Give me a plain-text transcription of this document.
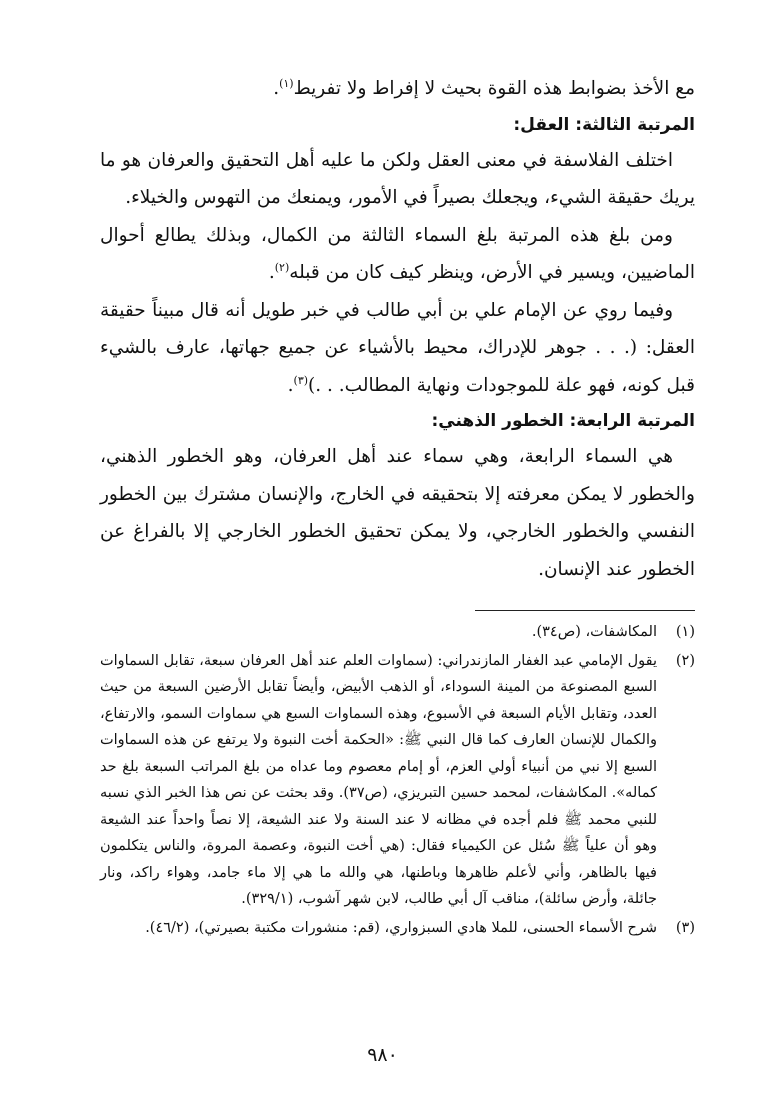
مع الأخذ بضوابط هذه القوة بحيث لا إفراط ولا تفريط$^{(١)}$.

المرتبة الثالثة: العقل:

اختلف الفلاسفة في معنى العقل ولكن ما عليه أهل التحقيق والعرفان هو ما يريك حقيقة الشيء، ويجعلك بصيراً في الأمور، ويمنعك من التهوس والخيلاء.

ومن بلغ هذه المرتبة بلغ السماء الثالثة من الكمال، وبذلك يطالع أحوال الماضيين، ويسير في الأرض، وينظر كيف كان من قبله$^{(٢)}$.

وفيما روي عن الإمام علي بن أبي طالب في خبر طويل أنه قال مبيناً حقيقة العقل: (. . . جوهر للإدراك، محيط بالأشياء عن جميع جهاتها، عارف بالشيء قبل كونه، فهو علة للموجودات ونهاية المطالب. . .)$^{(٣)}$.

المرتبة الرابعة: الخطور الذهني:

هي السماء الرابعة، وهي سماء عند أهل العرفان، وهو الخطور الذهني، والخطور لا يمكن معرفته إلا بتحقيقه في الخارج، والإنسان مشترك بين الخطور النفسي والخطور الخارجي، ولا يمكن تحقيق الخطور الخارجي إلا بالفراغ عن الخطور عند الإنسان.

(١)
المكاشفات، (ص٣٤).
(٢)
يقول الإمامي عبد الغفار المازندراني: (سماوات العلم عند أهل العرفان سبعة، تقابل السماوات السبع المصنوعة من المينة السوداء، أو الذهب الأبيض، وأيضاً تقابل الأرضين السبعة من حيث العدد، وتقابل الأيام السبعة في الأسبوع، وهذه السماوات السبع هي سماوات السمو، والارتفاع، والكمال للإنسان العارف كما قال النبي ﷺ: «الحكمة أخت النبوة ولا يرتفع عن هذه السماوات السبع إلا نبي من أنبياء أولي العزم، أو إمام معصوم وما عداه من بلغ المراتب السبعة بلغ حد كماله». المكاشفات، لمحمد حسين التبريزي، (ص٣٧). وقد بحثت عن نص هذا الخبر الذي نسبه للنبي محمد ﷺ فلم أجده في مظانه لا عند السنة ولا عند الشيعة، إلا نصاً واحداً عند الشيعة وهو أن علياً ﷺ سُئل عن الكيمياء فقال: (هي أخت النبوة، وعصمة المروة، والناس يتكلمون فيها بالظاهر، وأني لأعلم ظاهرها وباطنها، هي والله ما هي إلا ماء جامد، وهواء راكد، ونار جائلة، وأرض سائلة)، مناقب آل أبي طالب، لابن شهر آشوب، (٣٢٩/١).
(٣)
شرح الأسماء الحسنى، للملا هادي السبزواري، (قم: منشورات مكتبة بصيرتي)، (٤٦/٢).
٩٨٠
